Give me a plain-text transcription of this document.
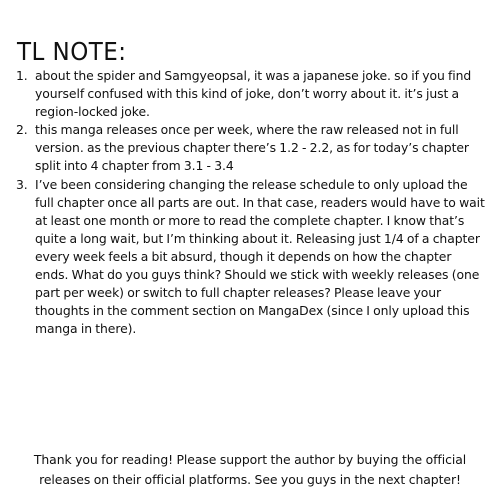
TL NOTE:
1. about the spider and Samgyeopsal, it was a japanese joke. so if you find yourself confused with this kind of joke, don’t worry about it. it’s just a region-locked joke.
2. this manga releases once per week, where the raw released not in full version. as the previous chapter there’s 1.2 - 2.2, as for today’s chapter split into 4 chapter from 3.1 - 3.4
3. I’ve been considering changing the release schedule to only upload the full chapter once all parts are out. In that case, readers would have to wait at least one month or more to read the complete chapter. I know that’s quite a long wait, but I’m thinking about it. Releasing just 1/4 of a chapter every week feels a bit absurd, though it depends on how the chapter ends. What do you guys think? Should we stick with weekly releases (one part per week) or switch to full chapter releases? Please leave your thoughts in the comment section on MangaDex (since I only upload this manga in there).

Thank you for reading! Please support the author by buying the official releases on their official platforms. See you guys in the next chapter!
